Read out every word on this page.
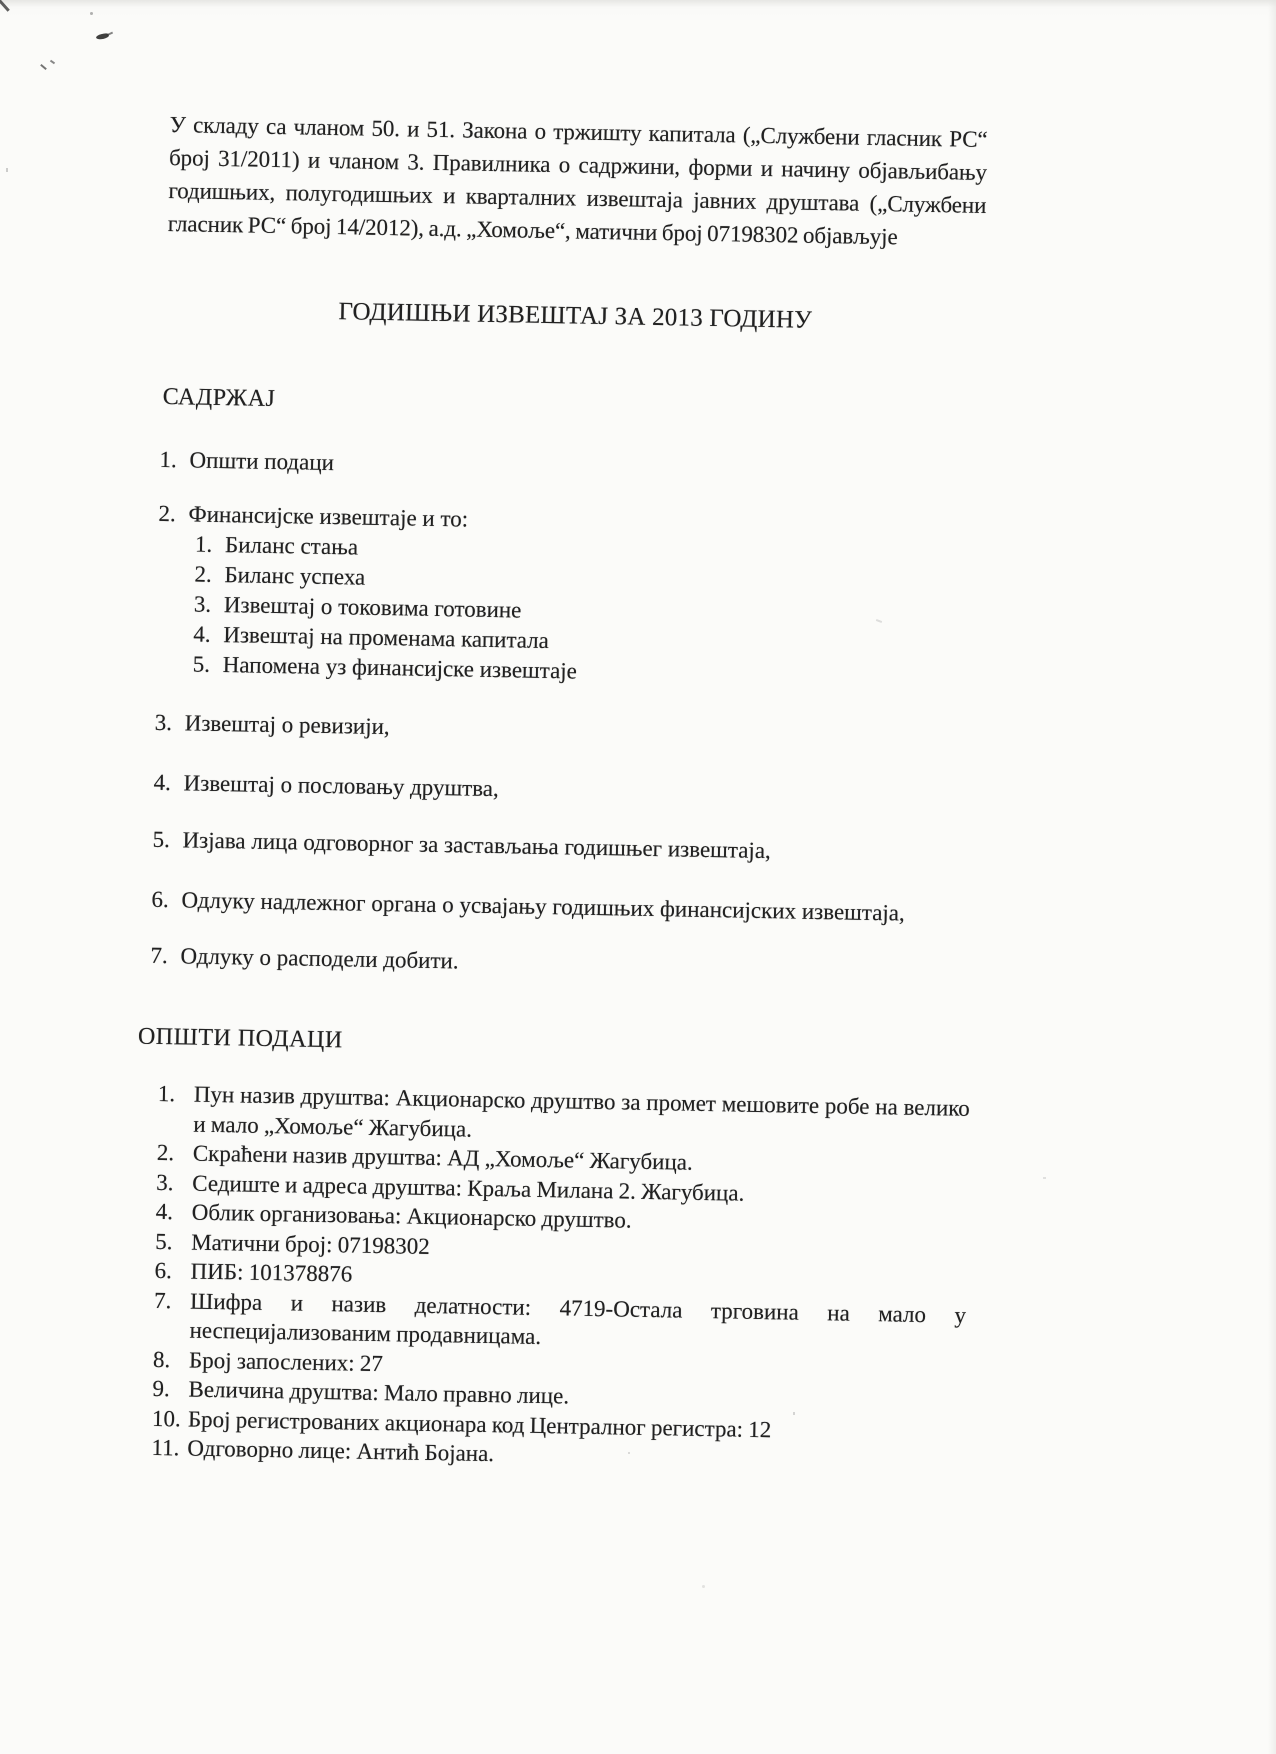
У складу са чланом 50. и 51. Закона о тржишту капитала („Службени гласник РС“ број 31/2011) и чланом 3. Правилника о садржини, форми и начину објављибању годишњих, полугодишњих и кварталних извештаја јавних друштава („Службени гласник РС“ број 14/2012), а.д. „Хомоље“, матични број 07198302 објављује

ГОДИШЊИ ИЗВЕШТАЈ ЗА 2013 ГОДИНУ
САДРЖАЈ
1. Општи подаци
2. Финансијске извештаје и то:
1. Биланс стања
2. Биланс успеха
3. Извештај о токовима готовине
4. Извештај на променама капитала
5. Напомена уз финансијске извештаје
3. Извештај о ревизији,
4. Извештај о пословању друштва,
5. Изјава лица одговорног за застављања годишњег извештаја,
6. Одлуку надлежног органа о усвајању годишњих финансијских извештаја,
7. Одлуку о расподели добити.
ОПШТИ ПОДАЦИ
1. Пун назив друштва: Акционарско друштво за промет мешовите робе на велико и мало „Хомоље“ Жагубица.
2. Скраћени назив друштва: АД „Хомоље“ Жагубица.
3. Седиште и адреса друштва: Краља Милана 2. Жагубица.
4. Облик организовања: Акционарско друштво.
5. Матични број: 07198302
6. ПИБ: 101378876
7. Шифра и назив делатности: 4719-Остала трговина на мало у неспецијализованим продавницама.
8. Број запослених: 27
9. Величина друштва: Мало правно лице.
10. Број регистрованих акционара код Централног регистра: 12
11. Одговорно лице: Антић Бојана.
